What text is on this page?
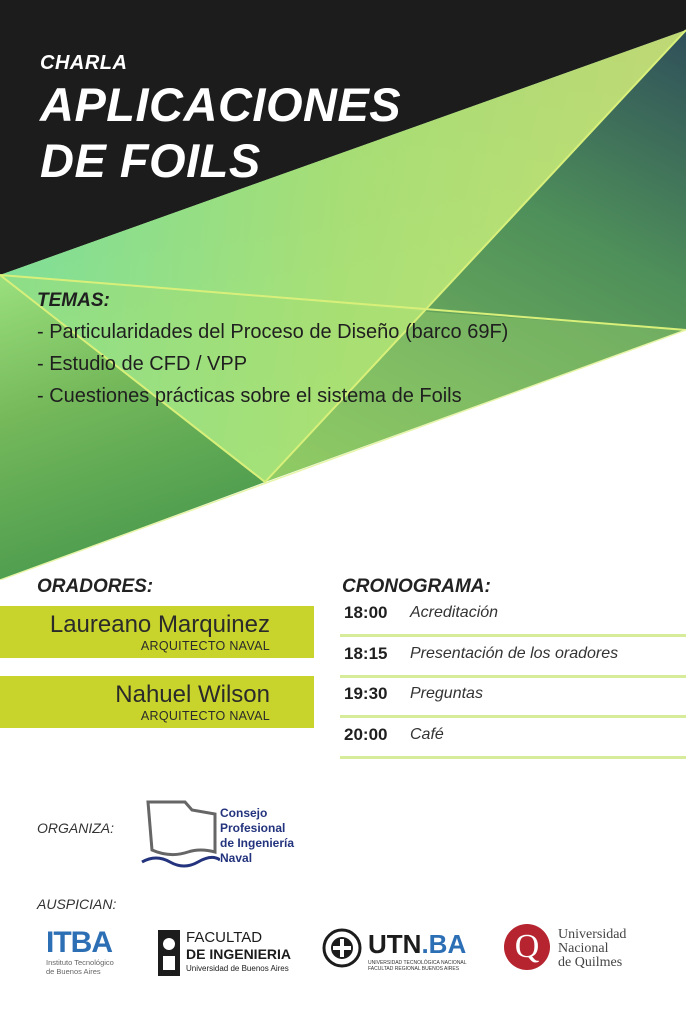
CHARLA
APLICACIONES
DE FOILS
TEMAS:
- Particularidades del Proceso de Diseño (barco 69F)
- Estudio de CFD / VPP
- Cuestiones prácticas sobre el sistema de Foils
ORADORES:
Laureano Marquinez
ARQUITECTO NAVAL
Nahuel Wilson
ARQUITECTO NAVAL
CRONOGRAMA:
18:00 Acreditación
18:15 Presentación de los oradores
19:30 Preguntas
20:00 Café
ORGANIZA:
Consejo
Profesional
de Ingeniería
Naval
AUSPICIAN:
ITBA
Instituto Tecnológico
de Buenos Aires
FACULTAD
DE INGENIERIA
Universidad de Buenos Aires
UTN.BA
UNIVERSIDAD TECNOLÓGICA NACIONAL
FACULTAD REGIONAL BUENOS AIRES
Q	Universidad
Nacional
de Quilmes
